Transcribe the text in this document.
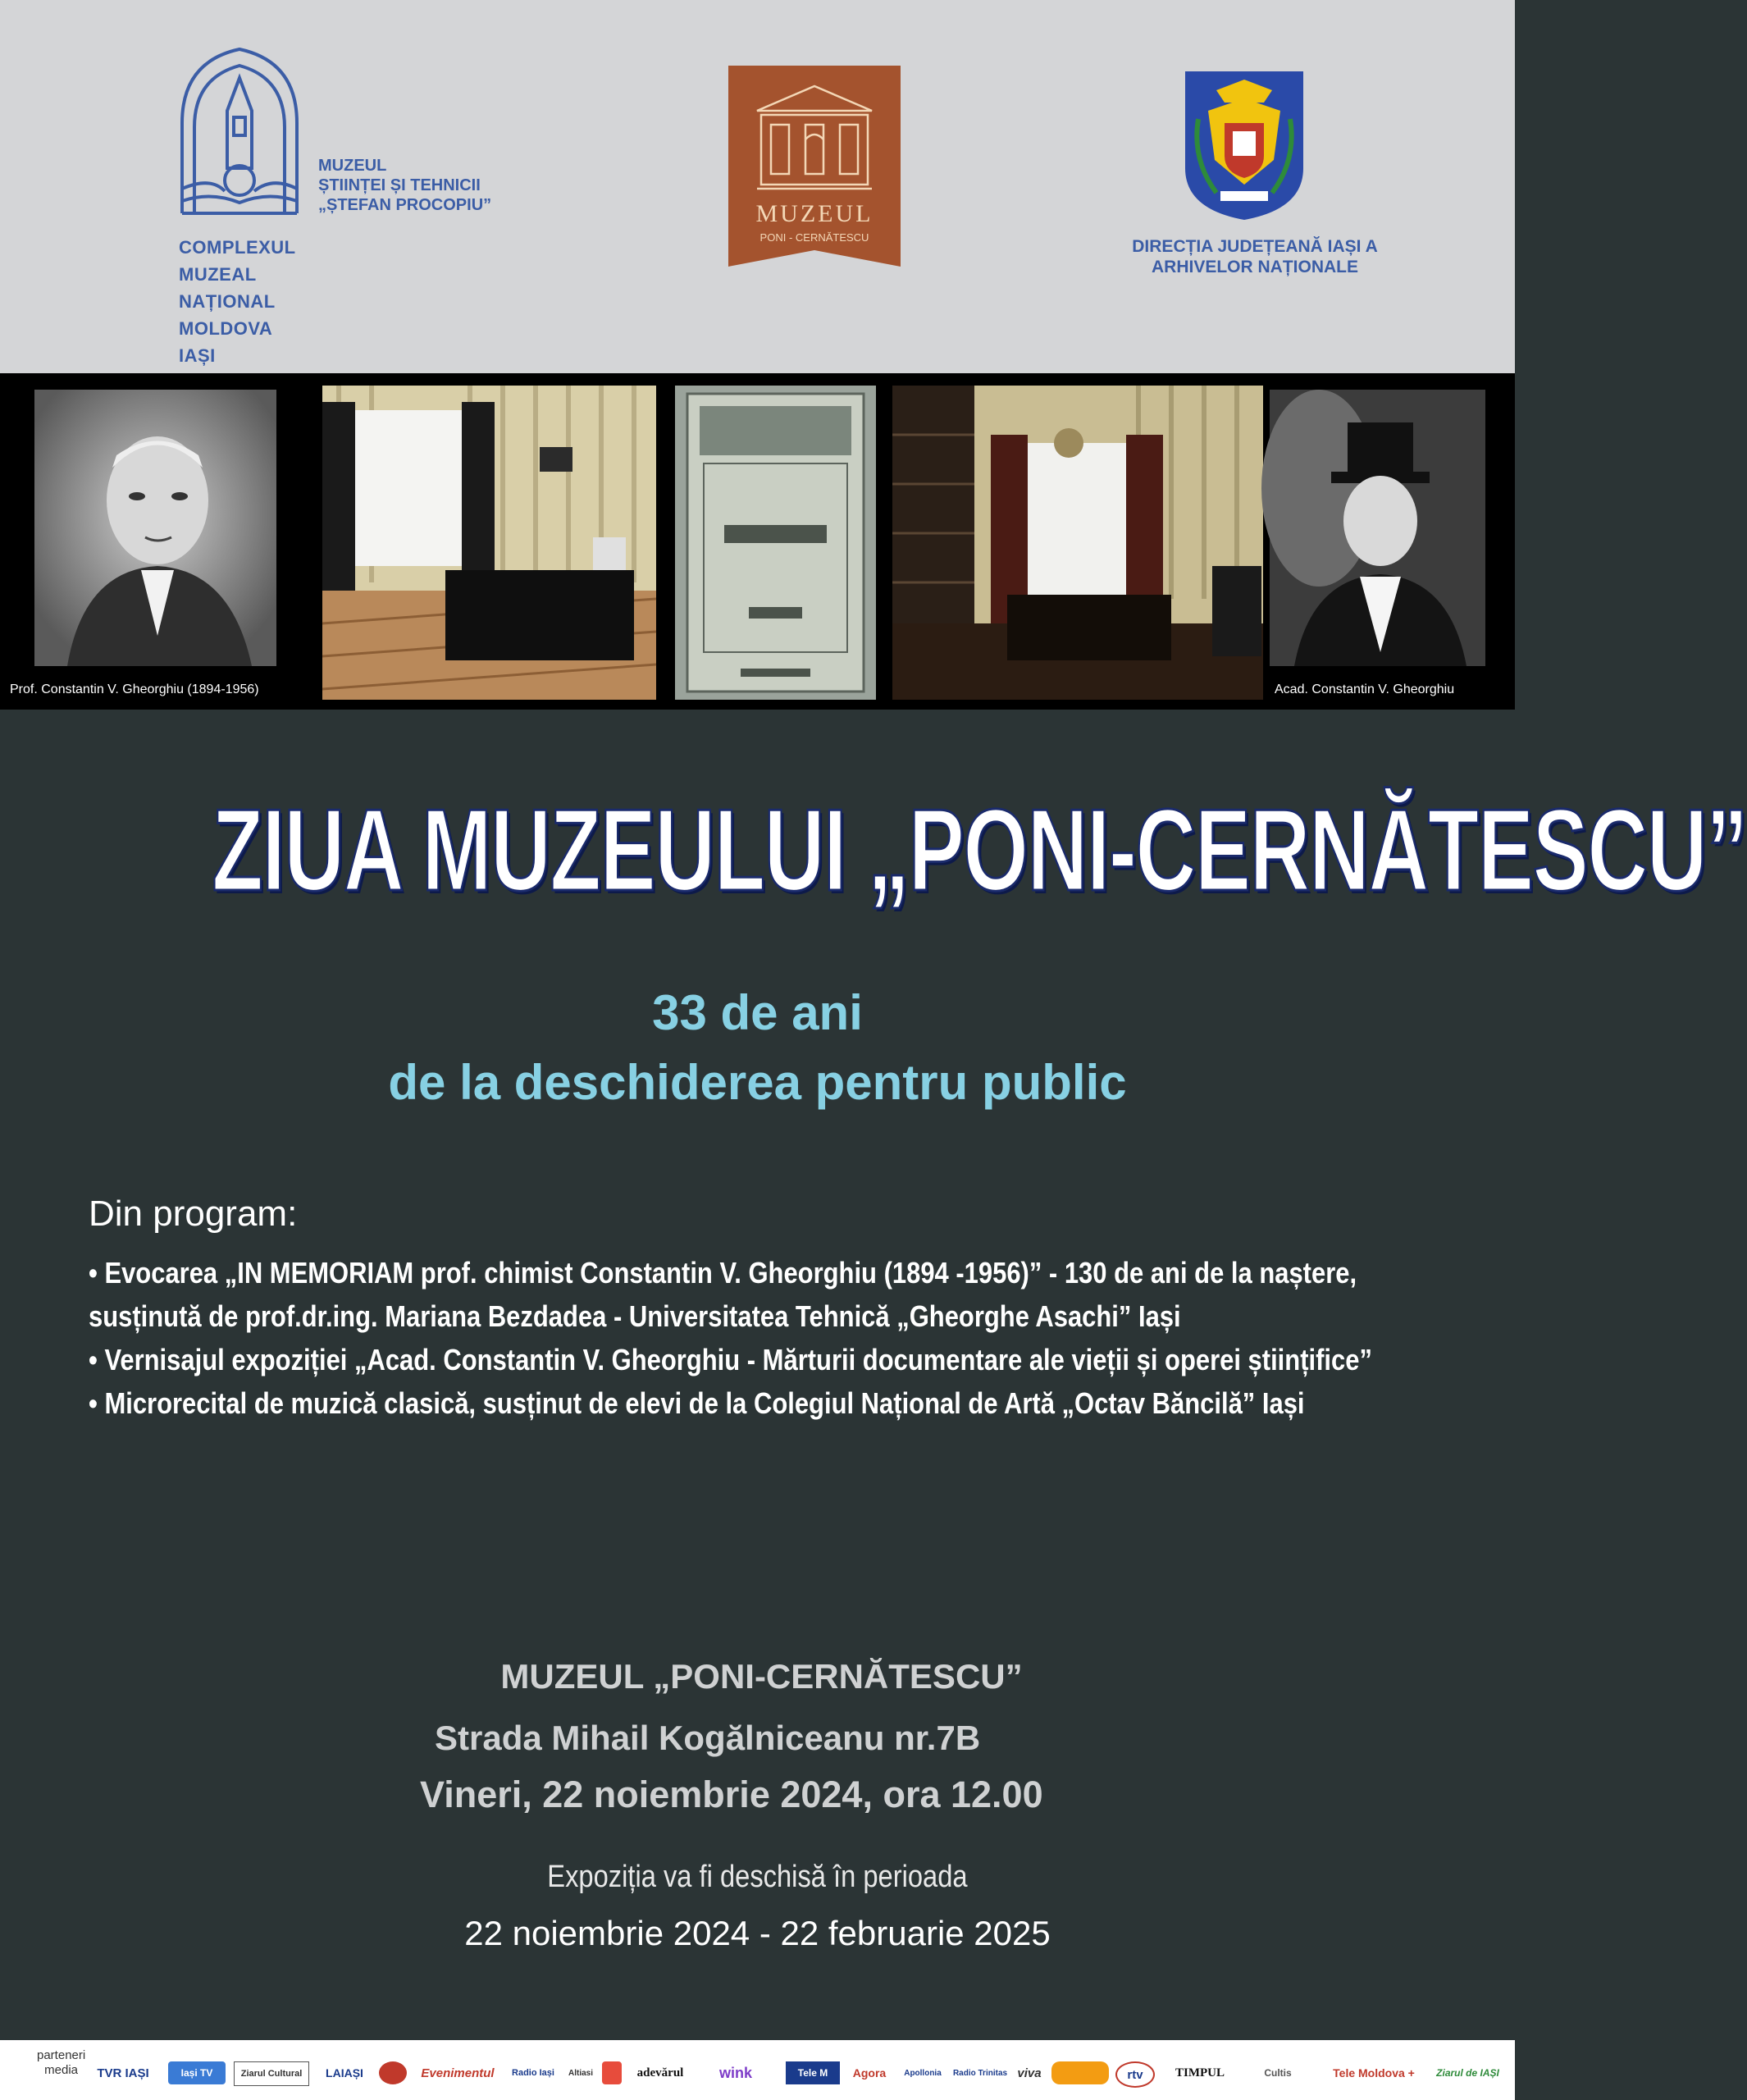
COMPLEXUL
MUZEAL
NAȚIONAL
MOLDOVA
IAȘI
MUZEUL
ȘTIINȚEI ȘI TEHNICII
„ȘTEFAN PROCOPIU”	MUZEUL
PONI - CERNĂTESCU	DIRECȚIA JUDEȚEANĂ IAȘI A
ARHIVELOR NAȚIONALE
Prof. Constantin V. Gheorghiu (1894-1956)	Acad. Constantin V. Gheorghiu
ZIUA MUZEULUI „PONI-CERNĂTESCU”
33 de ani
de la deschiderea pentru public
Din program:
• Evocarea „IN MEMORIAM prof. chimist Constantin V. Gheorghiu (1894 -1956)” - 130 de ani de la naștere,
susținută de prof.dr.ing. Mariana Bezdadea - Universitatea Tehnică „Gheorghe Asachi” Iași
• Vernisajul expoziției „Acad. Constantin V. Gheorghiu - Mărturii documentare ale vieții și operei științifice”
• Microrecital de muzică clasică, susținut de elevi de la Colegiul Național de Artă „Octav Băncilă” Iași
MUZEUL „PONI-CERNĂTESCU”
Strada Mihail Kogălniceanu nr.7B
Vineri, 22 noiembrie 2024, ora 12.00
Expoziția va fi deschisă în perioada
22 noiembrie 2024 - 22 februarie 2025
parteneri
media	TVR IAȘI	Iași TV	Ziarul Cultural	LAIAȘI	Evenimentul	Radio Iași	Altiasi	adevărul	wink	Tele M	Agora	Apollonia Radio Trinitas viva	rtv	TIMPUL	Cultis	Tele Moldova +	Ziarul de IAȘI
